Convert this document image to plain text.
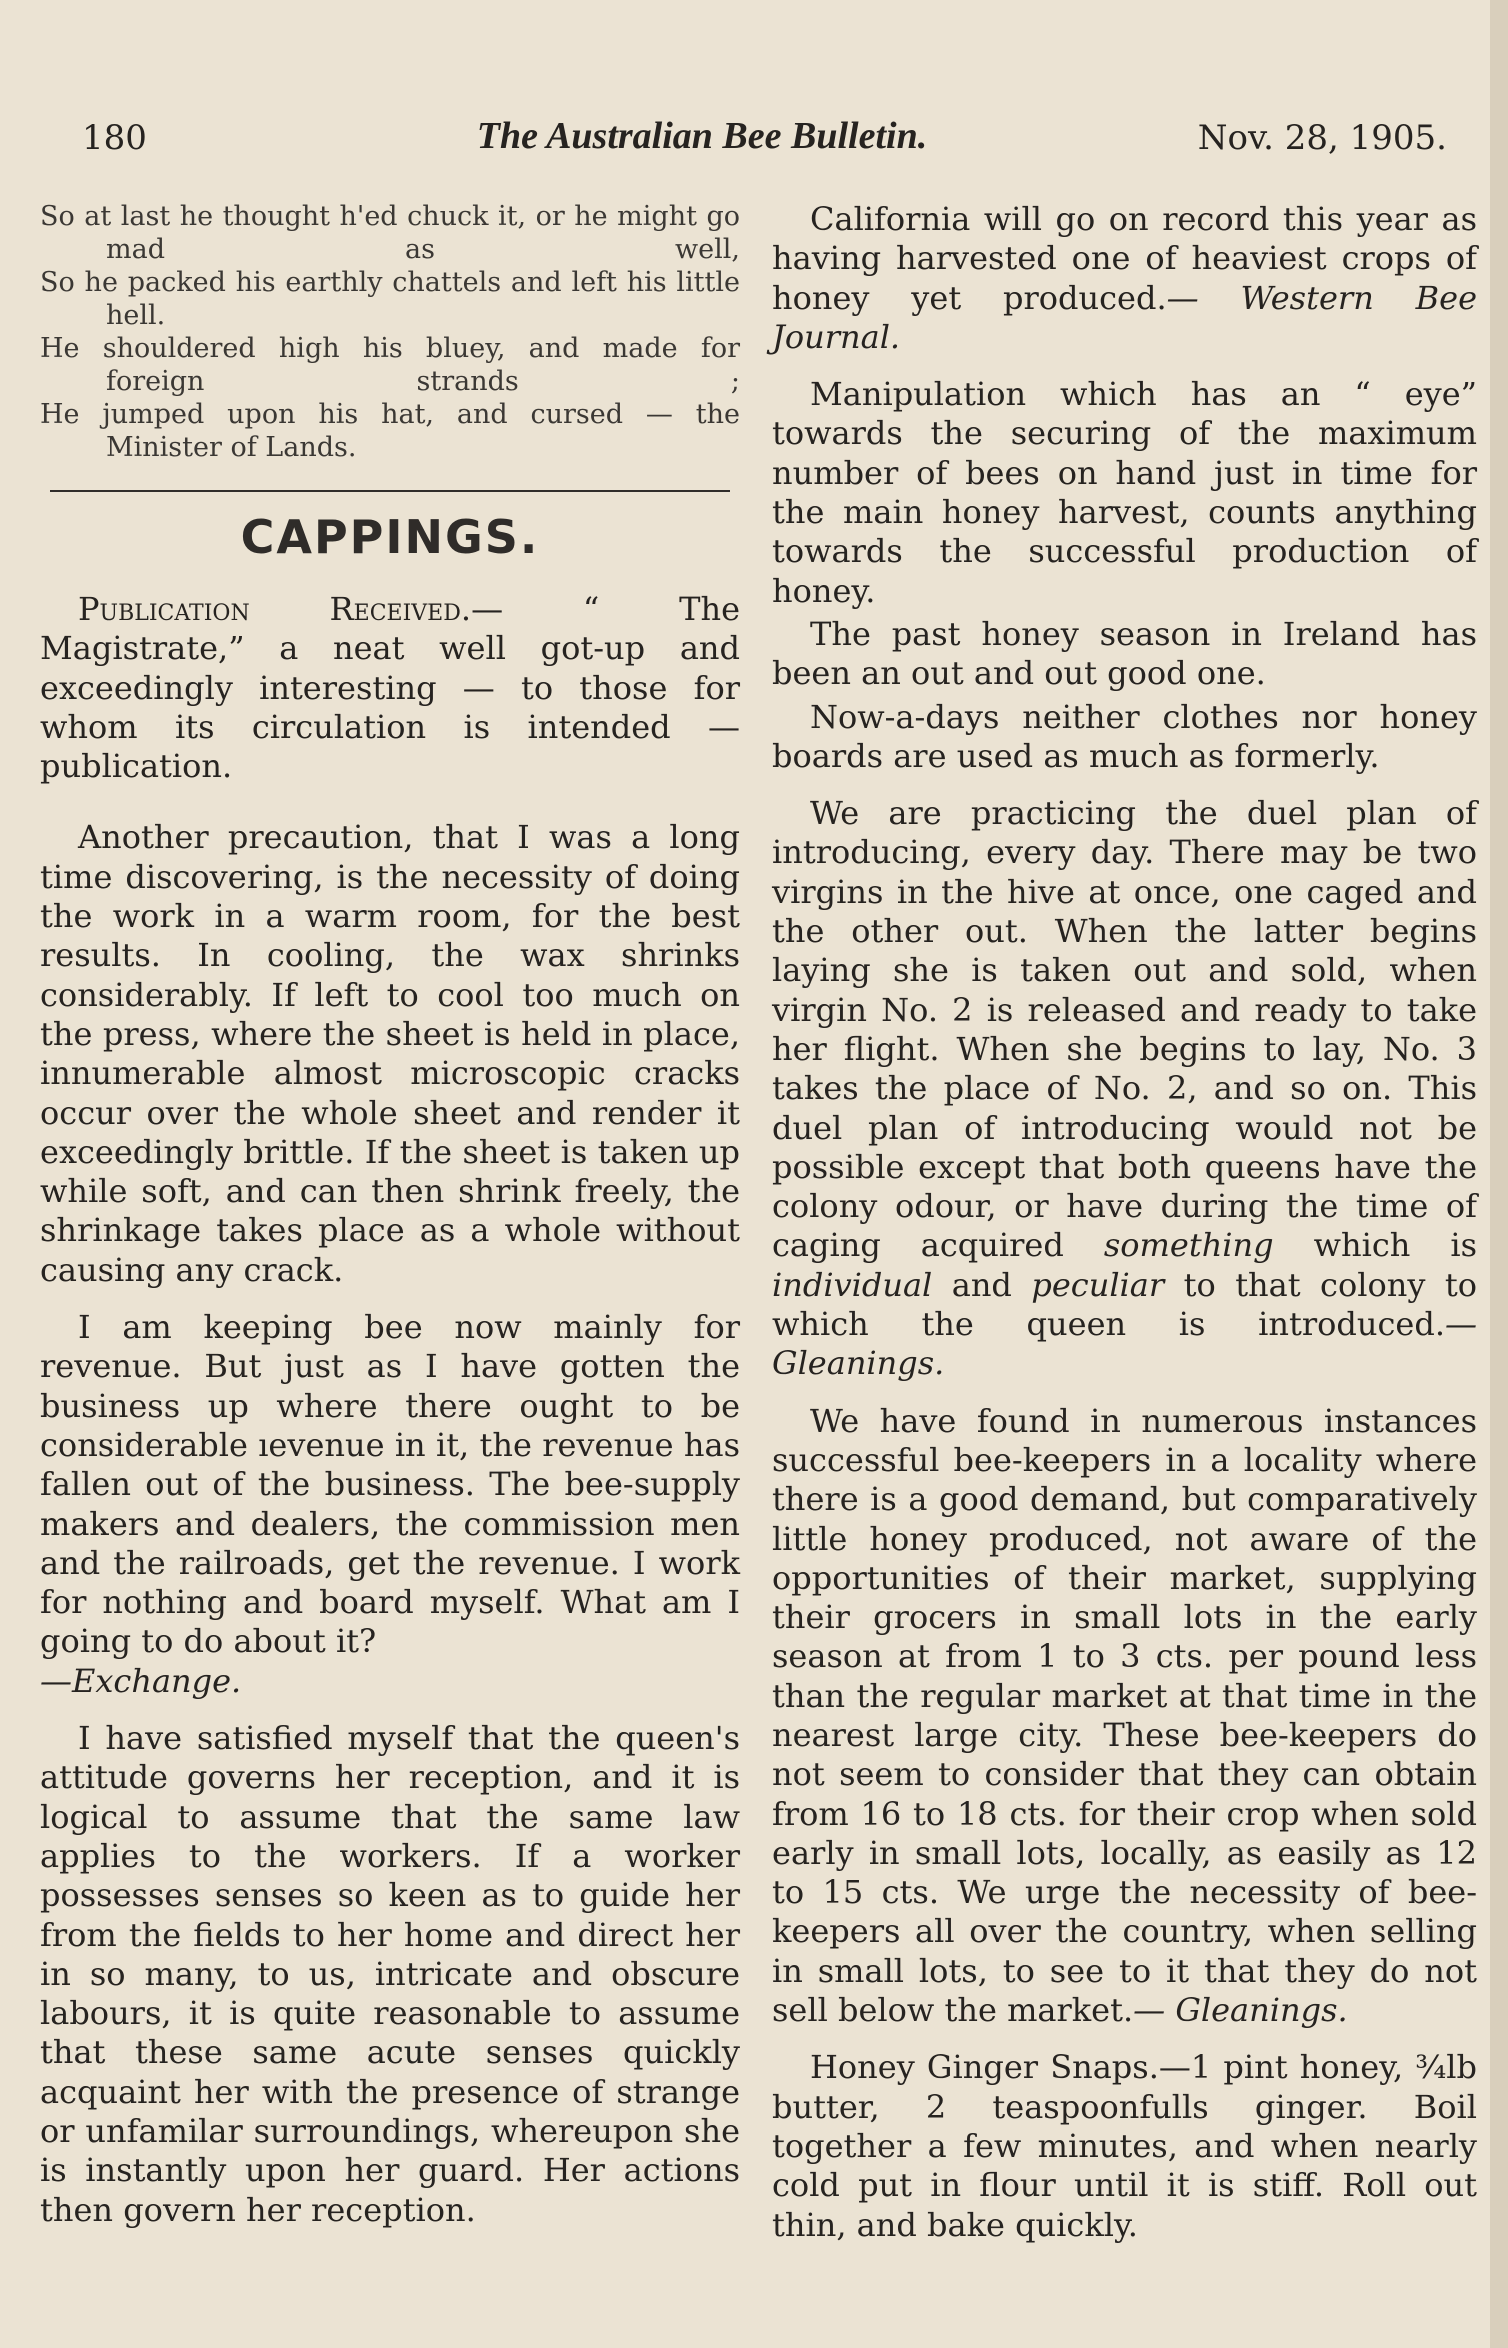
180	The Australian Bee Bulletin.	Nov. 28, 1905.
So at last he thought h'ed chuck it, or he might go mad as well,
So he packed his earthly chattels and left his little hell.
He shouldered high his bluey, and made for foreign strands ;
He jumped upon his hat, and cursed — the Minister of Lands.
CAPPINGS.

Publication Received.— “ The Magistrate,” a neat well got-up and exceedingly interesting — to those for whom its circulation is intended — publication.

Another precaution, that I was a long time discovering, is the necessity of doing the work in a warm room, for the best results. In cooling, the wax shrinks considerably. If left to cool too much on the press, where the sheet is held in place, innumerable almost microscopic cracks occur over the whole sheet and render it exceedingly brittle. If the sheet is taken up while soft, and can then shrink freely, the shrinkage takes place as a whole without causing any crack.

I am keeping bee now mainly for revenue. But just as I have gotten the business up where there ought to be considerable ıevenue in it, the revenue has fallen out of the business. The bee-supply makers and dealers, the commission men and the railroads, get the revenue. I work for nothing and board myself. What am I going to do about it?
—Exchange.

I have satisfied myself that the queen's attitude governs her reception, and it is logical to assume that the same law applies to the workers. If a worker possesses senses so keen as to guide her from the fields to her home and direct her in so many, to us, intricate and obscure labours, it is quite reasonable to assume that these same acute senses quickly acquaint her with the presence of strange or unfamilar surroundings, whereupon she is instantly upon her guard. Her actions then govern her reception.

California will go on record this year as having harvested one of heaviest crops of honey yet produced.— Western Bee Journal.

Manipulation which has an “ eye” towards the securing of the maximum number of bees on hand just in time for the main honey harvest, counts anything towards the successful production of honey.

The past honey season in Ireland has been an out and out good one.

Now-a-days neither clothes nor honey boards are used as much as formerly.

We are practicing the duel plan of introducing, every day. There may be two virgins in the hive at once, one caged and the other out. When the latter begins laying she is taken out and sold, when virgin No. 2 is released and ready to take her flight. When she begins to lay, No. 3 takes the place of No. 2, and so on. This duel plan of introducing would not be possible except that both queens have the colony odour, or have during the time of caging acquired something which is individual and peculiar to that colony to which the queen is introduced.—Gleanings.

We have found in numerous instances successful bee-keepers in a locality where there is a good demand, but comparatively little honey produced, not aware of the opportunities of their market, supplying their grocers in small lots in the early season at from 1 to 3 cts. per pound less than the regular market at that time in the nearest large city. These bee-keepers do not seem to consider that they can obtain from 16 to 18 cts. for their crop when sold early in small lots, locally, as easily as 12 to 15 cts. We urge the necessity of bee-keepers all over the country, when selling in small lots, to see to it that they do not sell below the market.— Gleanings.

Honey Ginger Snaps.—1 pint honey, ¾lb butter, 2 teaspoonfulls ginger. Boil together a few minutes, and when nearly cold put in flour until it is stiff. Roll out thin, and bake quickly.
